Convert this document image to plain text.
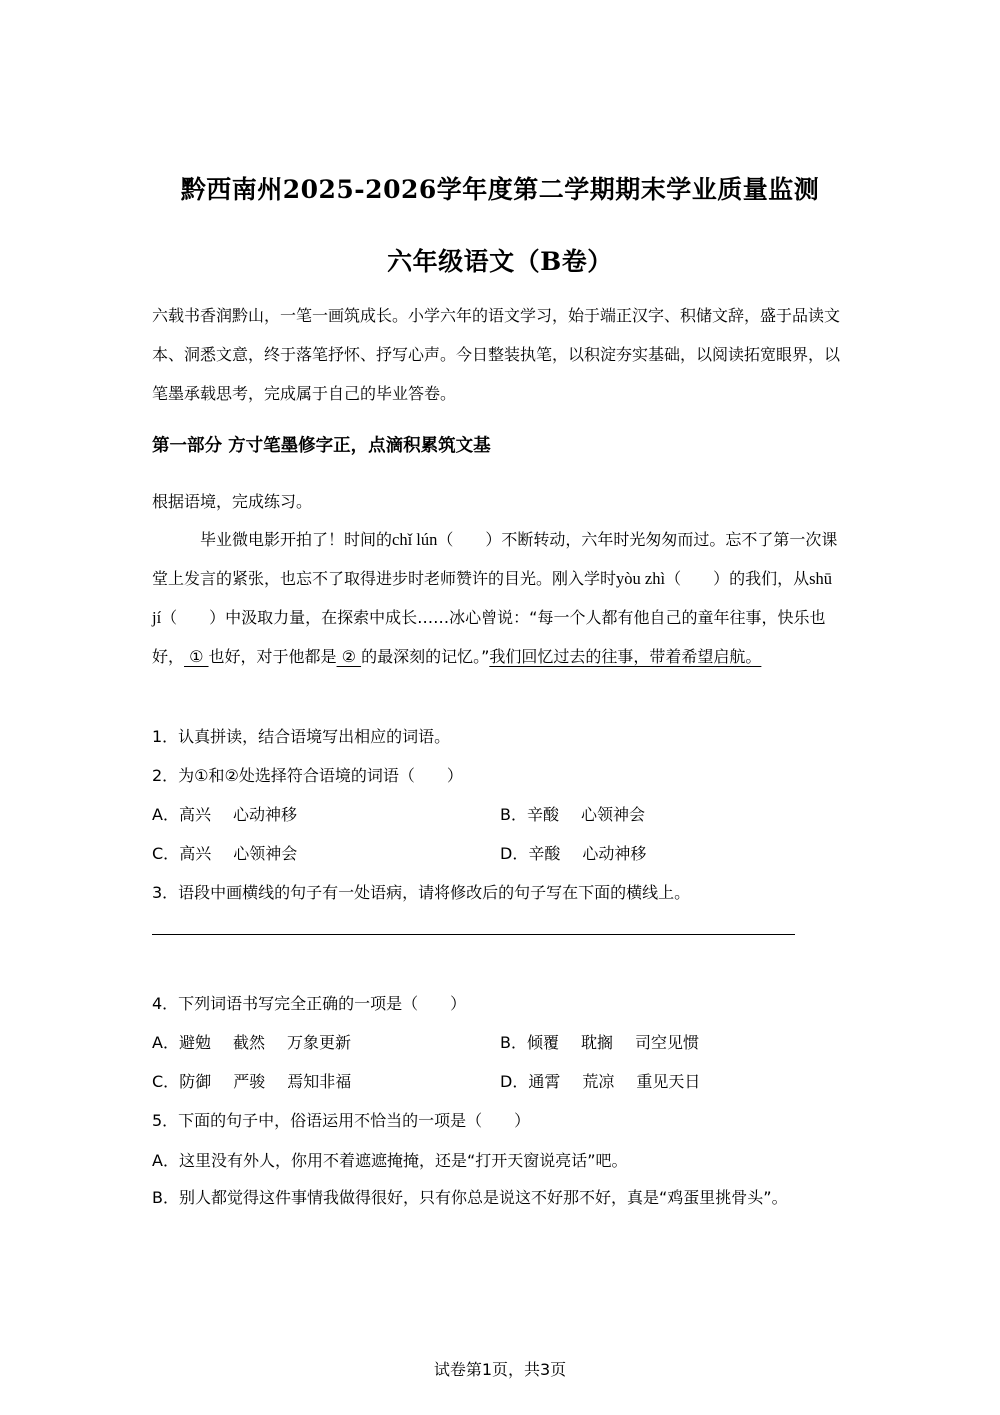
黔西南州2025-2026学年度第二学期期末学业质量监测
六年级语文（B卷）
六载书香润黔山，一笔一画筑成长。小学六年的语文学习，始于端正汉字、积储文辞，盛于品读文本、洞悉文意，终于落笔抒怀、抒写心声。今日整装执笔，以积淀夯实基础，以阅读拓宽眼界，以笔墨承载思考，完成属于自己的毕业答卷。
第一部分 方寸笔墨修字正，点滴积累筑文基
根据语境，完成练习。
毕业微电影开拍了！时间的chǐ lún（　　）不断转动，六年时光匆匆而过。忘不了第一次课堂上发言的紧张，也忘不了取得进步时老师赞许的目光。刚入学时yòu zhì（　　）的我们，从shū jí（　　）中汲取力量，在探索中成长……冰心曾说：“每一个人都有他自己的童年往事，快乐也好， ① 也好，对于他都是 ② 的最深刻的记忆。”我们回忆过去的往事，带着希望启航。
1．认真拼读，结合语境写出相应的词语。
2．为①和②处选择符合语境的词语（　　）
A．高兴 心动神移	B．辛酸 心领神会
C．高兴 心领神会	D．辛酸 心动神移
3．语段中画横线的句子有一处语病，请将修改后的句子写在下面的横线上。
4．下列词语书写完全正确的一项是（　　）
A．避勉 截然 万象更新	B．倾覆 耽搁 司空见惯
C．防御 严骏 焉知非福	D．通霄 荒凉 重见天日
5．下面的句子中，俗语运用不恰当的一项是（　　）
A．这里没有外人，你用不着遮遮掩掩，还是“打开天窗说亮话”吧。
B．别人都觉得这件事情我做得很好，只有你总是说这不好那不好，真是“鸡蛋里挑骨头”。
试卷第1页，共3页
